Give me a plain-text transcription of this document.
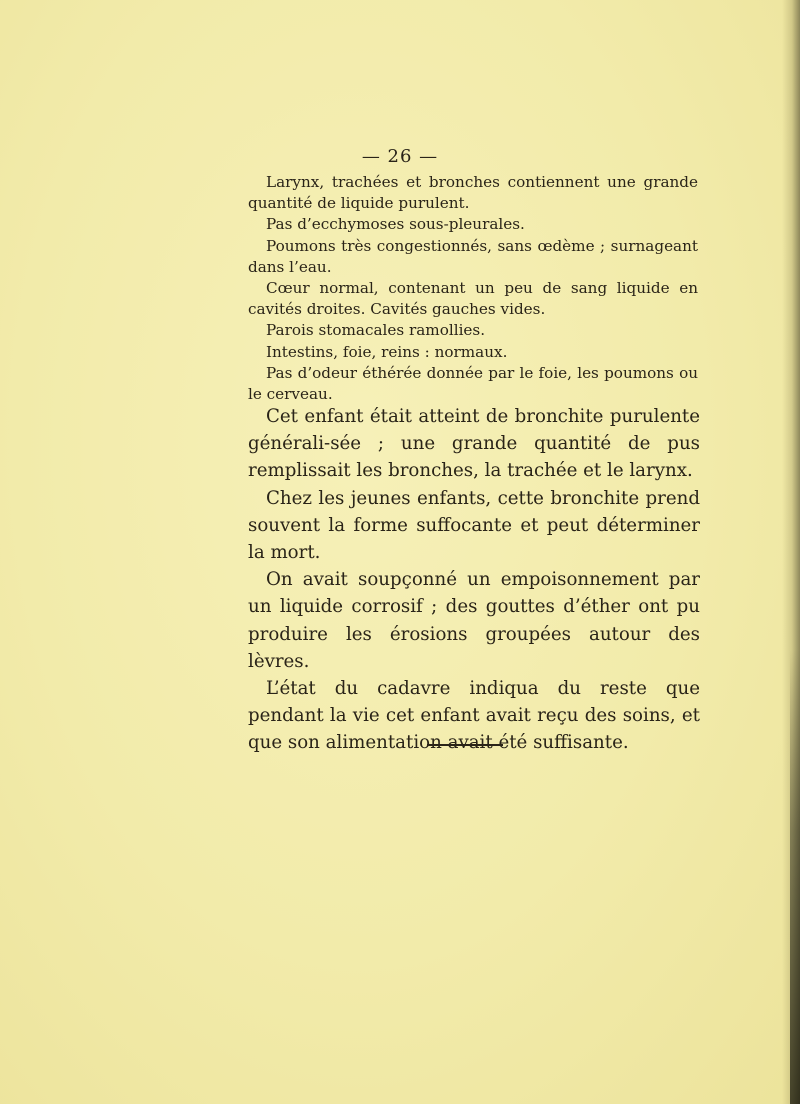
— 26 —

Larynx, trachées et bronches contiennent une grande quantité de liquide purulent.

Pas d’ecchymoses sous-pleurales.

Poumons très congestionnés, sans œdème ; surnageant dans l’eau.

Cœur normal, contenant un peu de sang liquide en cavités droites. Cavités gauches vides.

Parois stomacales ramollies.

Intestins, foie, reins : normaux.

Pas d’odeur éthérée donnée par le foie, les poumons ou le cerveau.

Cet enfant était atteint de bronchite purulente générali-sée ; une grande quantité de pus remplissait les bronches, la trachée et le larynx.

Chez les jeunes enfants, cette bronchite prend souvent la forme suffocante et peut déterminer la mort.

On avait soupçonné un empoisonnement par un liquide corrosif ; des gouttes d’éther ont pu produire les érosions groupées autour des lèvres.

L’état du cadavre indiqua du reste que pendant la vie cet enfant avait reçu des soins, et que son alimentation avait été suffisante.
